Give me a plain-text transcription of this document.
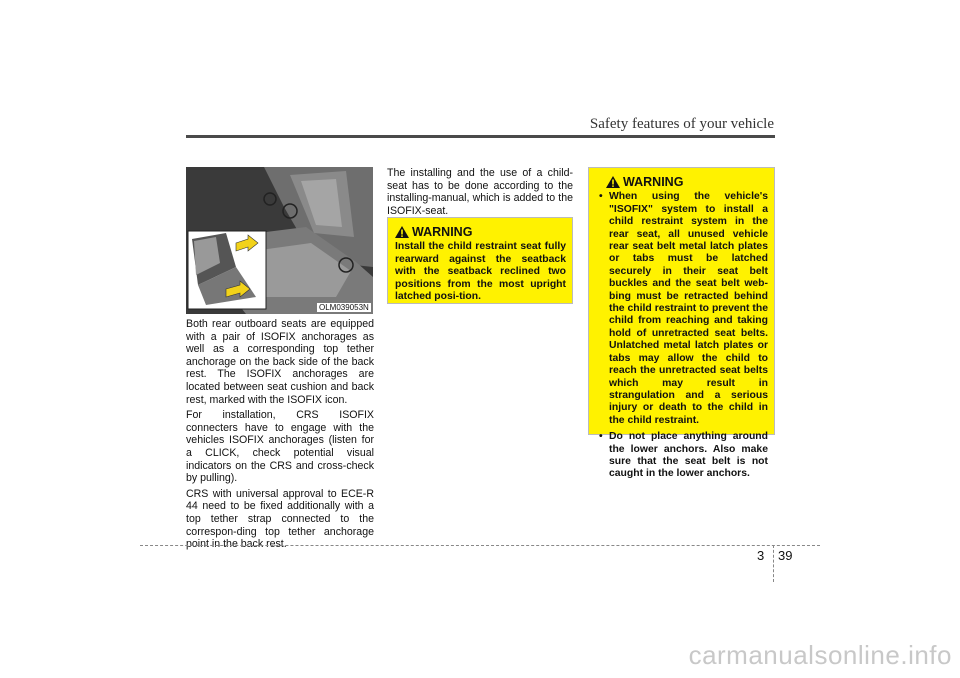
Safety features of your vehicle
OLM039053N

Both rear outboard seats are equipped with a pair of ISOFIX anchorages as well as a corresponding top tether anchorage on the back side of the back rest. The ISOFIX anchorages are located between seat cushion and back rest, marked with the ISOFIX icon.

For installation, CRS ISOFIX connecters have to engage with the vehicles ISOFIX anchorages (listen for a CLICK, check potential visual indicators on the CRS and cross-check by pulling).

CRS with universal approval to ECE-R 44 need to be fixed additionally with a top tether strap connected to the correspon-ding top tether anchorage point in the back rest.

The installing and the use of a child-seat has to be done according to the installing-manual, which is added to the ISOFIX-seat.

WARNING
Install the child restraint seat fully rearward against the seatback with the seatback reclined two positions from the most upright latched posi-tion.
WARNING
• When using the vehicle's "ISOFIX" system to install a child restraint system in the rear seat, all unused vehicle rear seat belt metal latch plates or tabs must be latched securely in their seat belt buckles and the seat belt web-bing must be retracted behind the child restraint to prevent the child from reaching and taking hold of unretracted seat belts. Unlatched metal latch plates or tabs may allow the child to reach the unretracted seat belts which may result in strangulation and a serious injury or death to the child in the child restraint.
• Do not place anything around the lower anchors. Also make sure that the seat belt is not caught in the lower anchors.
3 39
carmanualsonline.info
